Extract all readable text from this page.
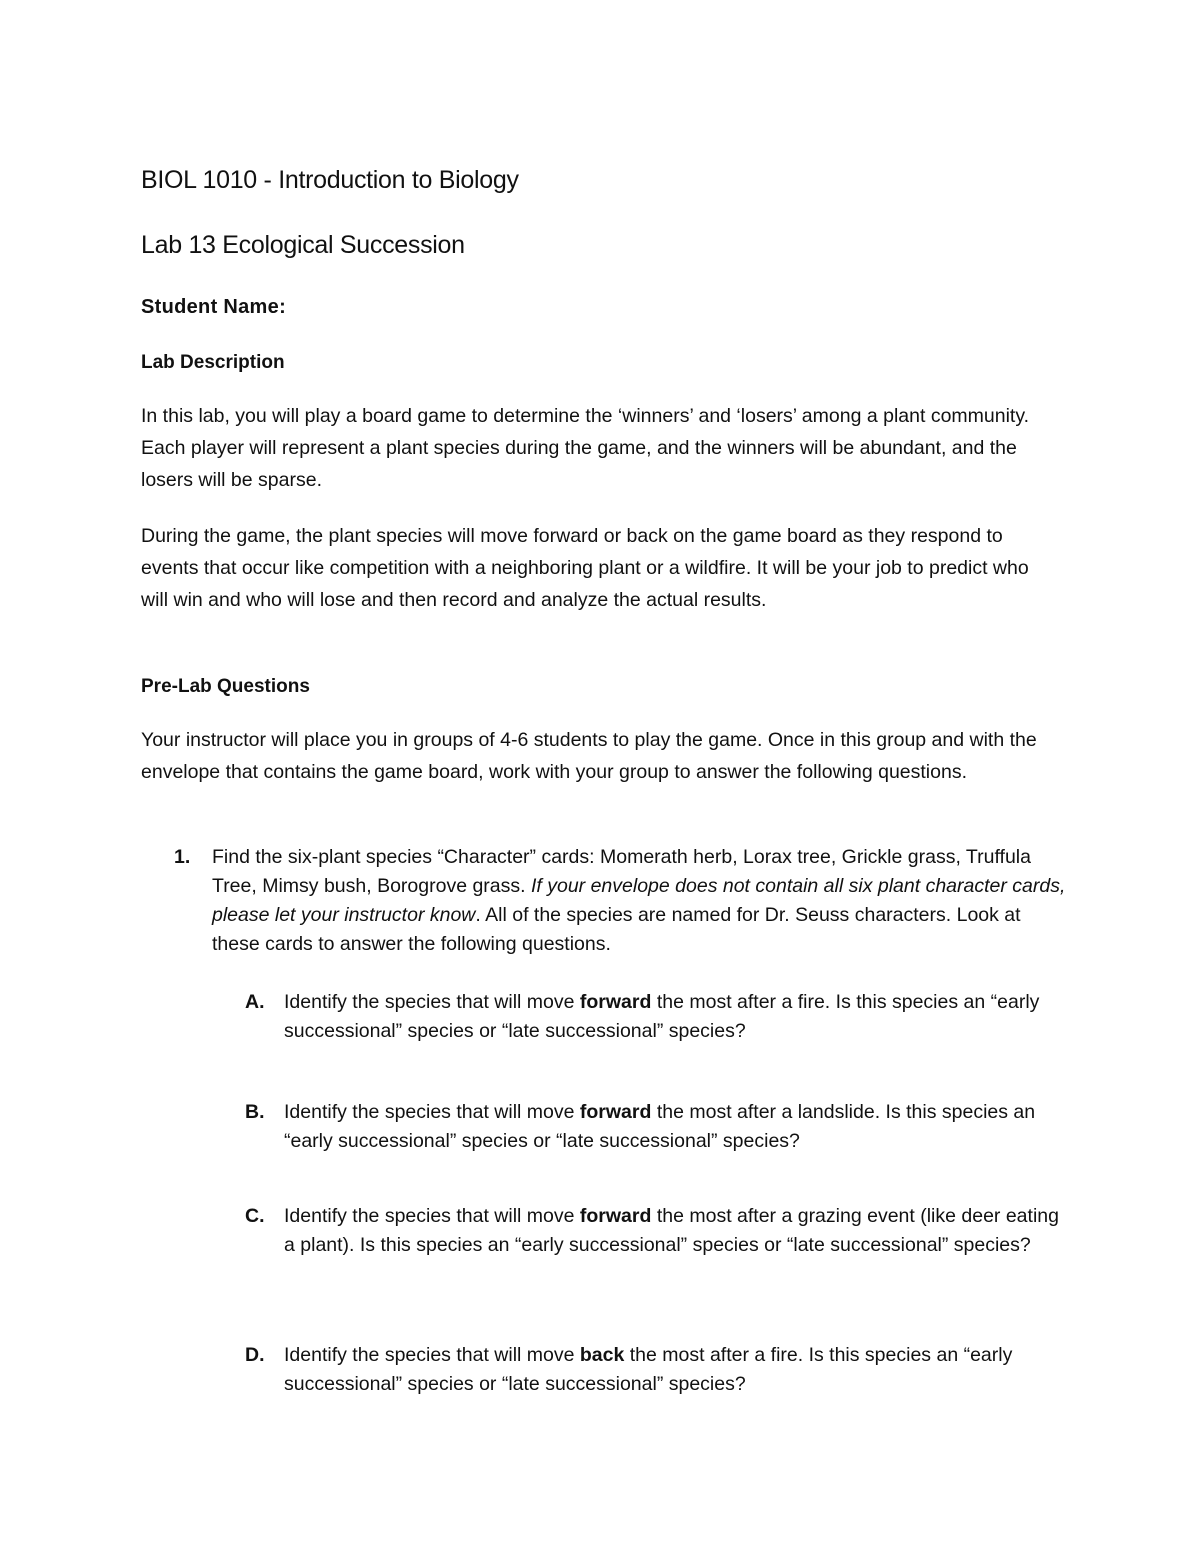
BIOL 1010 - Introduction to Biology
Lab 13 Ecological Succession
Student Name:
Lab Description

In this lab, you will play a board game to determine the ‘winners’ and ‘losers’ among a plant community. Each player will represent a plant species during the game, and the winners will be abundant, and the losers will be sparse.

During the game, the plant species will move forward or back on the game board as they respond to events that occur like competition with a neighboring plant or a wildfire. It will be your job to predict who will win and who will lose and then record and analyze the actual results.

Pre-Lab Questions

Your instructor will place you in groups of 4-6 students to play the game. Once in this group and with the envelope that contains the game board, work with your group to answer the following questions.

1. Find the six-plant species “Character” cards: Momerath herb, Lorax tree, Grickle grass, Truffula Tree, Mimsy bush, Borogrove grass. If your envelope does not contain all six plant character cards, please let your instructor know. All of the species are named for Dr. Seuss characters. Look at these cards to answer the following questions.

A. Identify the species that will move forward the most after a fire. Is this species an “early successional” species or “late successional” species?

B. Identify the species that will move forward the most after a landslide. Is this species an “early successional” species or “late successional” species?

C. Identify the species that will move forward the most after a grazing event (like deer eating a plant). Is this species an “early successional” species or “late successional” species?

D. Identify the species that will move back the most after a fire. Is this species an “early successional” species or “late successional” species?
